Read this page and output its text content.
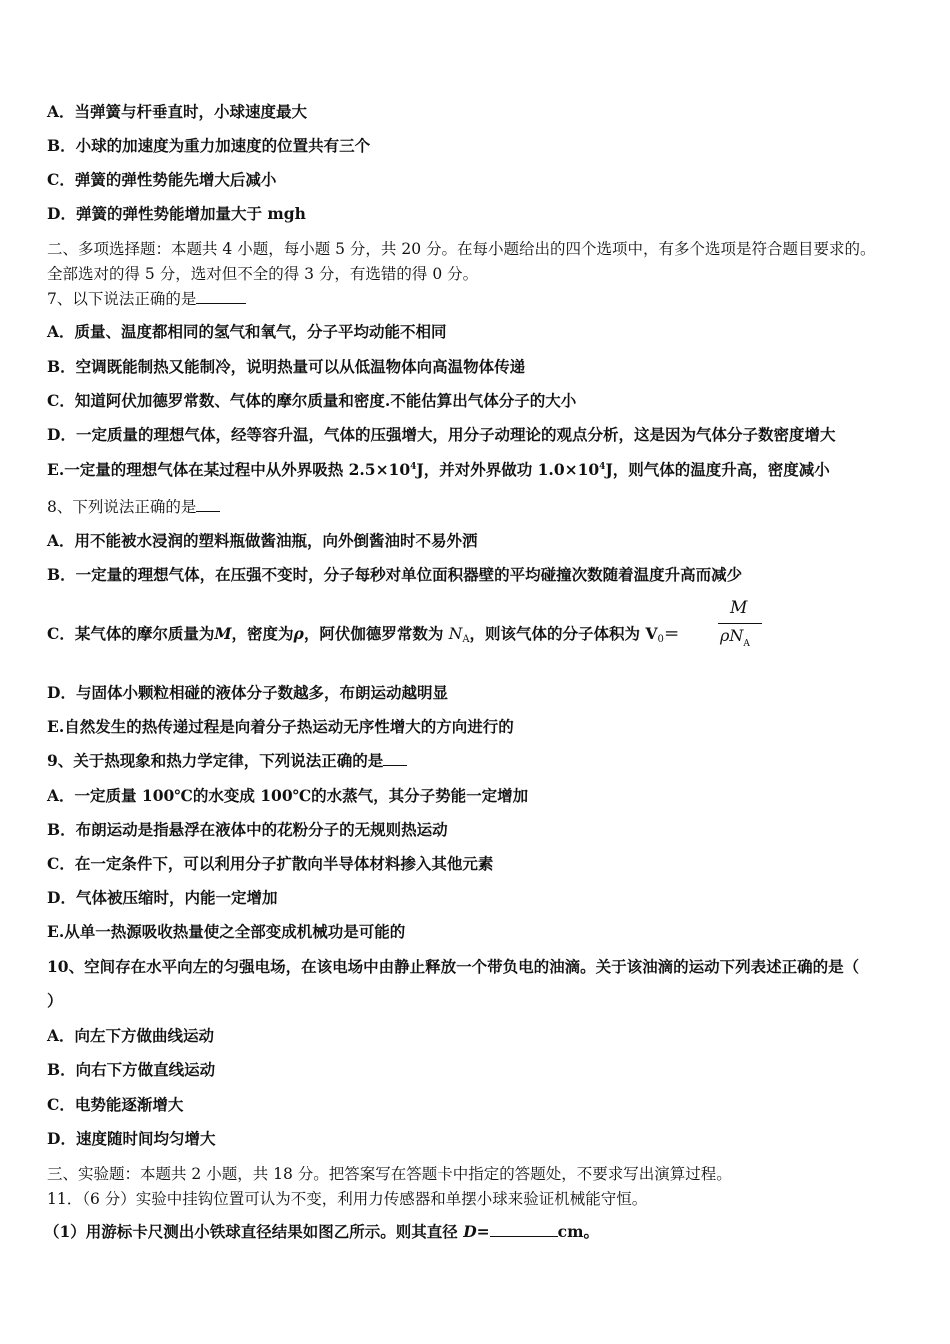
A．当弹簧与杆垂直时，小球速度最大
B．小球的加速度为重力加速度的位置共有三个
C．弹簧的弹性势能先增大后减小
D．弹簧的弹性势能增加量大于 mgh
二、多项选择题：本题共 4 小题，每小题 5 分，共 20 分。在每小题给出的四个选项中，有多个选项是符合题目要求的。
全部选对的得 5 分，选对但不全的得 3 分，有选错的得 0 分。
7、以下说法正确的是
A．质量、温度都相同的氢气和氧气，分子平均动能不相同
B．空调既能制热又能制冷，说明热量可以从低温物体向高温物体传递
C．知道阿伏加德罗常数、气体的摩尔质量和密度.不能估算出气体分子的大小
D．一定质量的理想气体，经等容升温，气体的压强增大，用分子动理论的观点分析，这是因为气体分子数密度增大
E.一定量的理想气体在某过程中从外界吸热 $2.5\times 10^4J$，并对外界做功 $1.0\times 10^4J$，则气体的温度升高，密度减小
8、下列说法正确的是
A．用不能被水浸润的塑料瓶做酱油瓶，向外倒酱油时不易外洒
B．一定量的理想气体，在压强不变时，分子每秒对单位面积器壁的平均碰撞次数随着温度升高而减少
C．某气体的摩尔质量为M，密度为ρ，阿伏伽德罗常数为 NA，则该气体的分子体积为 V0＝
M
$\rho N_A$
D．与固体小颗粒相碰的液体分子数越多，布朗运动越明显
E.自然发生的热传递过程是向着分子热运动无序性增大的方向进行的
9、关于热现象和热力学定律，下列说法正确的是
A．一定质量 100℃的水变成 100℃的水蒸气，其分子势能一定增加
B．布朗运动是指悬浮在液体中的花粉分子的无规则热运动
C．在一定条件下，可以利用分子扩散向半导体材料掺入其他元素
D．气体被压缩时，内能一定增加
E.从单一热源吸收热量使之全部变成机械功是可能的
10、空间存在水平向左的匀强电场，在该电场中由静止释放一个带负电的油滴。关于该油滴的运动下列表述正确的是（
）
A．向左下方做曲线运动
B．向右下方做直线运动
C．电势能逐渐增大
D．速度随时间均匀增大
三、实验题：本题共 2 小题，共 18 分。把答案写在答题卡中指定的答题处，不要求写出演算过程。
11．（6 分）实验中挂钩位置可认为不变，利用力传感器和单摆小球来验证机械能守恒。
（1）用游标卡尺测出小铁球直径结果如图乙所示。则其直径 D=	cm。
